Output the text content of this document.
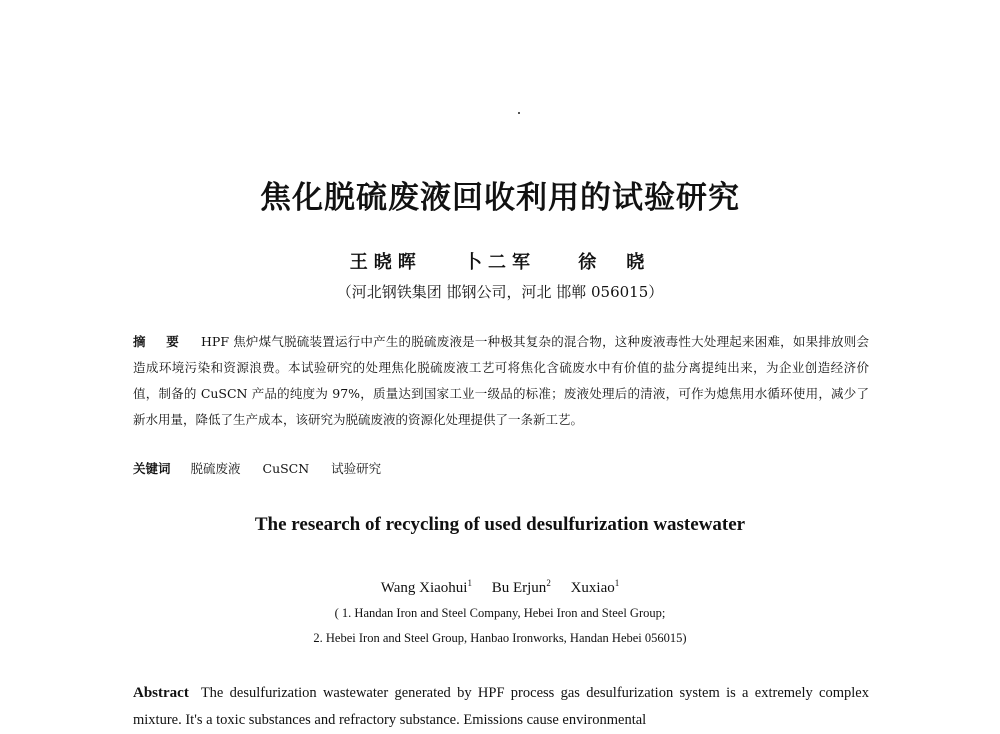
焦化脱硫废液回收利用的试验研究
王晓晖 卜二军 徐　晓
（河北钢铁集团 邯钢公司，河北 邯郸 056015）
摘 要 HPF 焦炉煤气脱硫装置运行中产生的脱硫废液是一种极其复杂的混合物，这种废液毒性大处理起来困难，如果排放则会造成环境污染和资源浪费。本试验研究的处理焦化脱硫废液工艺可将焦化含硫废水中有价值的盐分离提纯出来，为企业创造经济价值，制备的 CuSCN 产品的纯度为 97%，质量达到国家工业一级品的标准；废液处理后的清液，可作为熄焦用水循环使用，减少了新水用量，降低了生产成本，该研究为脱硫废液的资源化处理提供了一条新工艺。
关键词 脱硫废液 CuSCN 试验研究
The research of recycling of used desulfurization wastewater
Wang Xiaohui$^1$ Bu Erjun$^2$ Xuxiao$^1$
( 1. Handan Iron and Steel Company, Hebei Iron and Steel Group;
2. Hebei Iron and Steel Group, Hanbao Ironworks, Handan Hebei 056015)
Abstract The desulfurization wastewater generated by HPF process gas desulfurization system is a extremely complex mixture. It's a toxic substances and refractory substance. Emissions cause environmental
